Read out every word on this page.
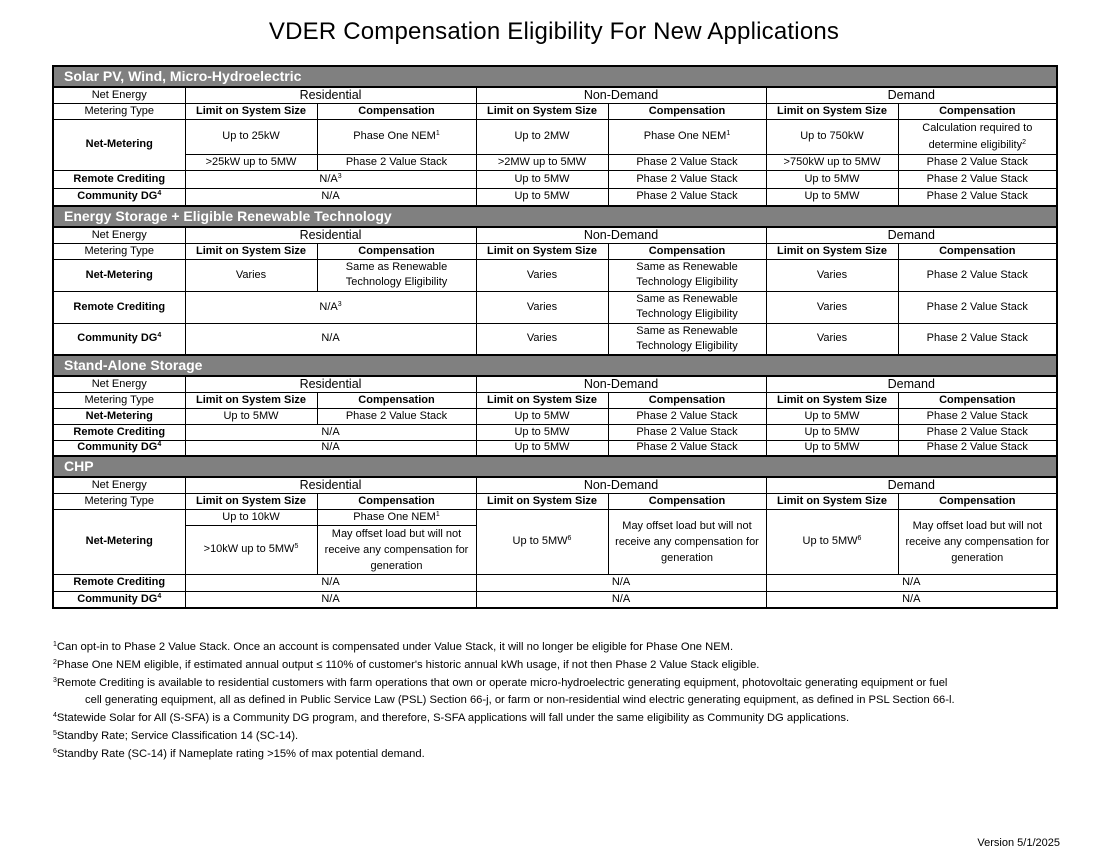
VDER Compensation Eligibility For New Applications
Solar PV, Wind, Micro-Hydroelectric						
Net Energy	Residential		Non-Demand		Demand	
Metering Type	Limit on System Size	Compensation	Limit on System Size	Compensation	Limit on System Size	Compensation
Net-Metering	Up to 25kW	Phase One NEM$^1$	Up to 2MW	Phase One NEM$^1$	Up to 750kW	Calculation required to determine eligibility$^2$
	>25kW up to 5MW	Phase 2 Value Stack	>2MW up to 5MW	Phase 2 Value Stack	>750kW up to 5MW	Phase 2 Value Stack
Remote Crediting	$N/A^3$		Up to 5MW	Phase 2 Value Stack	Up to 5MW	Phase 2 Value Stack
Community $DG^4$	N/A		Up to 5MW	Phase 2 Value Stack	Up to 5MW	Phase 2 Value Stack
Energy Storage + Eligible Renewable Technology						
Net Energy	Residential		Non-Demand		Demand	
Metering Type	Limit on System Size	Compensation	Limit on System Size	Compensation	Limit on System Size	Compensation
Net-Metering	Varies	Same as Renewable Technology Eligibility	Varies	Same as Renewable Technology Eligibility	Varies	Phase 2 Value Stack
Remote Crediting	$N/A^3$		Varies	Same as Renewable Technology Eligibility	Varies	Phase 2 Value Stack
Community $DG^4$	N/A		Varies	Same as Renewable Technology Eligibility	Varies	Phase 2 Value Stack
Stand-Alone Storage						
Net Energy	Residential		Non-Demand		Demand	
Metering Type	Limit on System Size	Compensation	Limit on System Size	Compensation	Limit on System Size	Compensation
Net-Metering	Up to 5MW	Phase 2 Value Stack	Up to 5MW	Phase 2 Value Stack	Up to 5MW	Phase 2 Value Stack
Remote Crediting	N/A		Up to 5MW	Phase 2 Value Stack	Up to 5MW	Phase 2 Value Stack
Community $DG^4$	N/A		Up to 5MW	Phase 2 Value Stack	Up to 5MW	Phase 2 Value Stack
CHP						
Net Energy	Residential		Non-Demand		Demand	
Metering Type	Limit on System Size	Compensation	Limit on System Size	Compensation	Limit on System Size	Compensation
Net-Metering	Up to 10kW	Phase One NEM$^1$	Up to $5MW^6$	May offset load but will not receive any compensation for generation	Up to $5MW^6$	May offset load but will not receive any compensation for generation
	>10kW up to $5MW^5$	May offset load but will not receive any compensation for generation				
Remote Crediting	N/A		N/A		N/A	
Community $DG^4$	N/A		N/A		N/A	
$^1$Can opt-in to Phase 2 Value Stack. Once an account is compensated under Value Stack, it will no longer be eligible for Phase One NEM.
$^2$Phase One NEM eligible, if estimated annual output ≤ 110% of customer's historic annual kWh usage, if not then Phase 2 Value Stack eligible.
$^3$Remote Crediting is available to residential customers with farm operations that own or operate micro-hydroelectric generating equipment, photovoltaic generating equipment or fuel
cell generating equipment, all as defined in Public Service Law (PSL) Section 66-j, or farm or non-residential wind electric generating equipment, as defined in PSL Section 66-l.
$^4$Statewide Solar for All (S-SFA) is a Community DG program, and therefore, S-SFA applications will fall under the same eligibility as Community DG applications.
$^5$Standby Rate; Service Classification 14 (SC-14).
$^6$Standby Rate (SC-14) if Nameplate rating >15% of max potential demand.
Version 5/1/2025
